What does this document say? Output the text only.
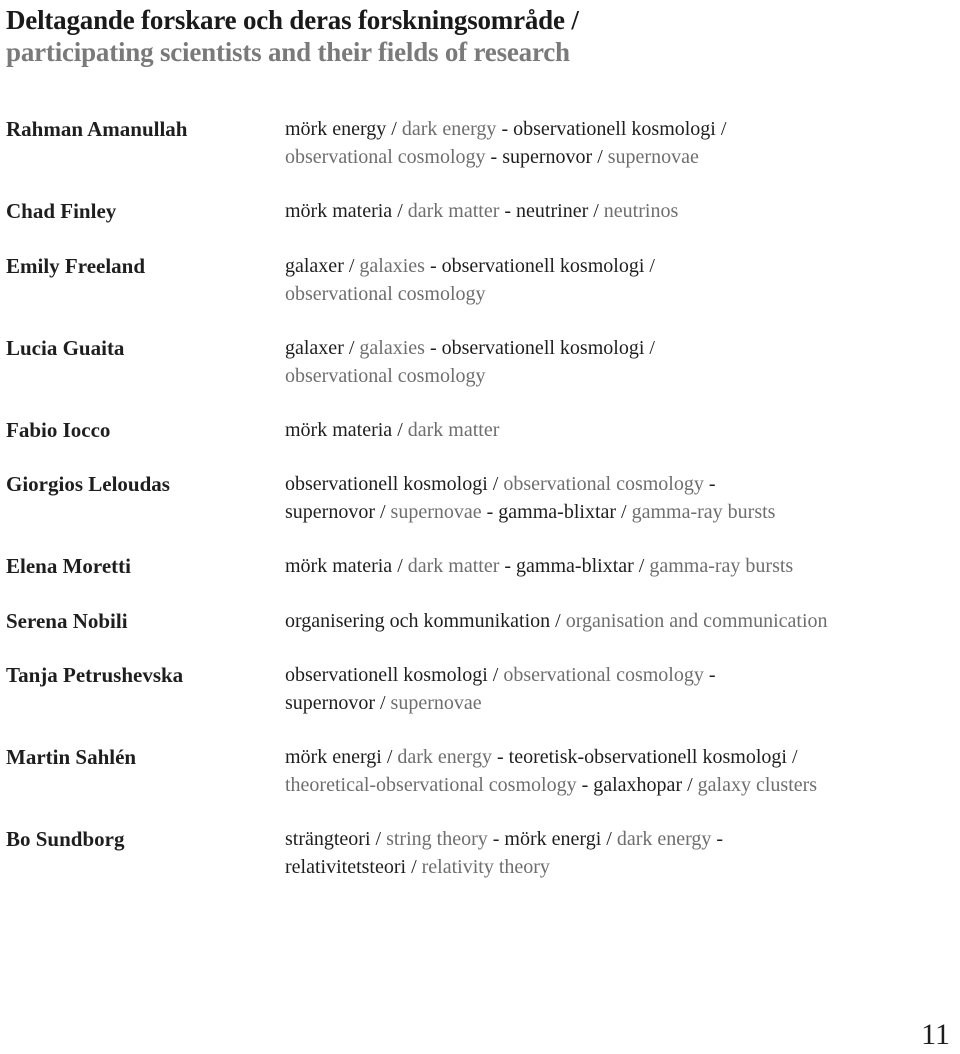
Deltagande forskare och deras forskningsområde /
participating scientists and their fields of research
Rahman Amanullah	mörk energy / dark energy - observationell kosmologi /
observational cosmology - supernovor / supernovae
Chad Finley	mörk materia / dark matter - neutriner / neutrinos
Emily Freeland	galaxer / galaxies - observationell kosmologi /
observational cosmology
Lucia Guaita	galaxer / galaxies - observationell kosmologi /
observational cosmology
Fabio Iocco	mörk materia / dark matter
Giorgios Leloudas	observationell kosmologi / observational cosmology -
supernovor / supernovae - gamma-blixtar / gamma-ray bursts
Elena Moretti	mörk materia / dark matter - gamma-blixtar / gamma-ray bursts
Serena Nobili	organisering och kommunikation / organisation and communication
Tanja Petrushevska	observationell kosmologi / observational cosmology -
supernovor / supernovae
Martin Sahlén	mörk energi / dark energy - teoretisk-observationell kosmologi /
theoretical-observational cosmology - galaxhopar / galaxy clusters
Bo Sundborg	strängteori / string theory - mörk energi / dark energy -
relativitetsteori / relativity theory
11
